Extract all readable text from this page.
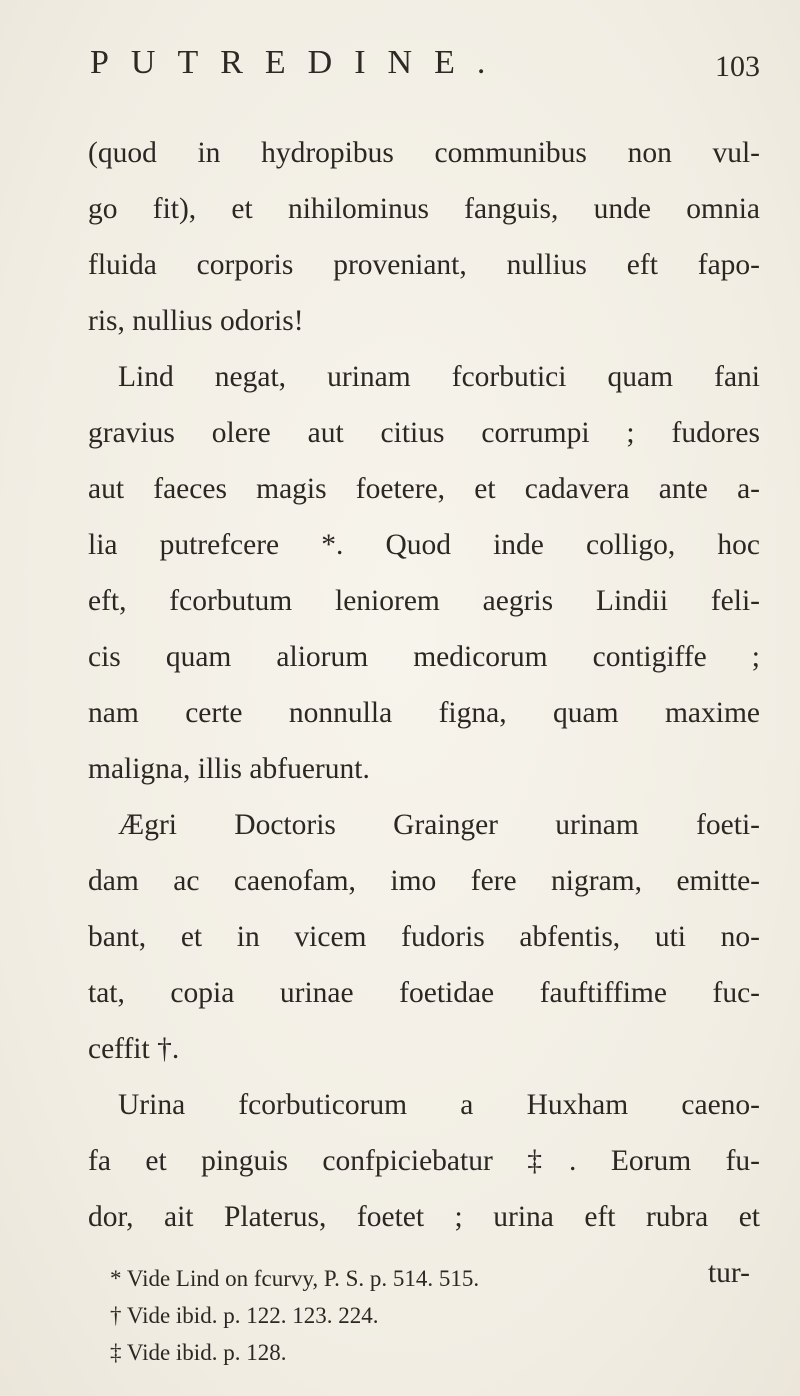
PUTREDINE.	103
(quod in hydropibus communibus non vul-
go fit), et nihilominus fanguis, unde omnia
fluida corporis proveniant, nullius eft fapo-
ris, nullius odoris!
Lind negat, urinam fcorbutici quam fani
gravius olere aut citius corrumpi ; fudores
aut faeces magis foetere, et cadavera ante a-
lia putrefcere *. Quod inde colligo, hoc
eft, fcorbutum leniorem aegris Lindii feli-
cis quam aliorum medicorum contigiffe ;
nam certe nonnulla figna, quam maxime
maligna, illis abfuerunt.
Ægri Doctoris Grainger urinam foeti-
dam ac caenofam, imo fere nigram, emitte-
bant, et in vicem fudoris abfentis, uti no-
tat, copia urinae foetidae fauftiffime fuc-
ceffit †.
Urina fcorbuticorum a Huxham caeno-
fa et pinguis confpiciebatur ‡. Eorum fu-
dor, ait Platerus, foetet ; urina eft rubra et
tur-
* Vide Lind on fcurvy, P. S. p. 514. 515.
† Vide ibid. p. 122. 123. 224.
‡ Vide ibid. p. 128.
